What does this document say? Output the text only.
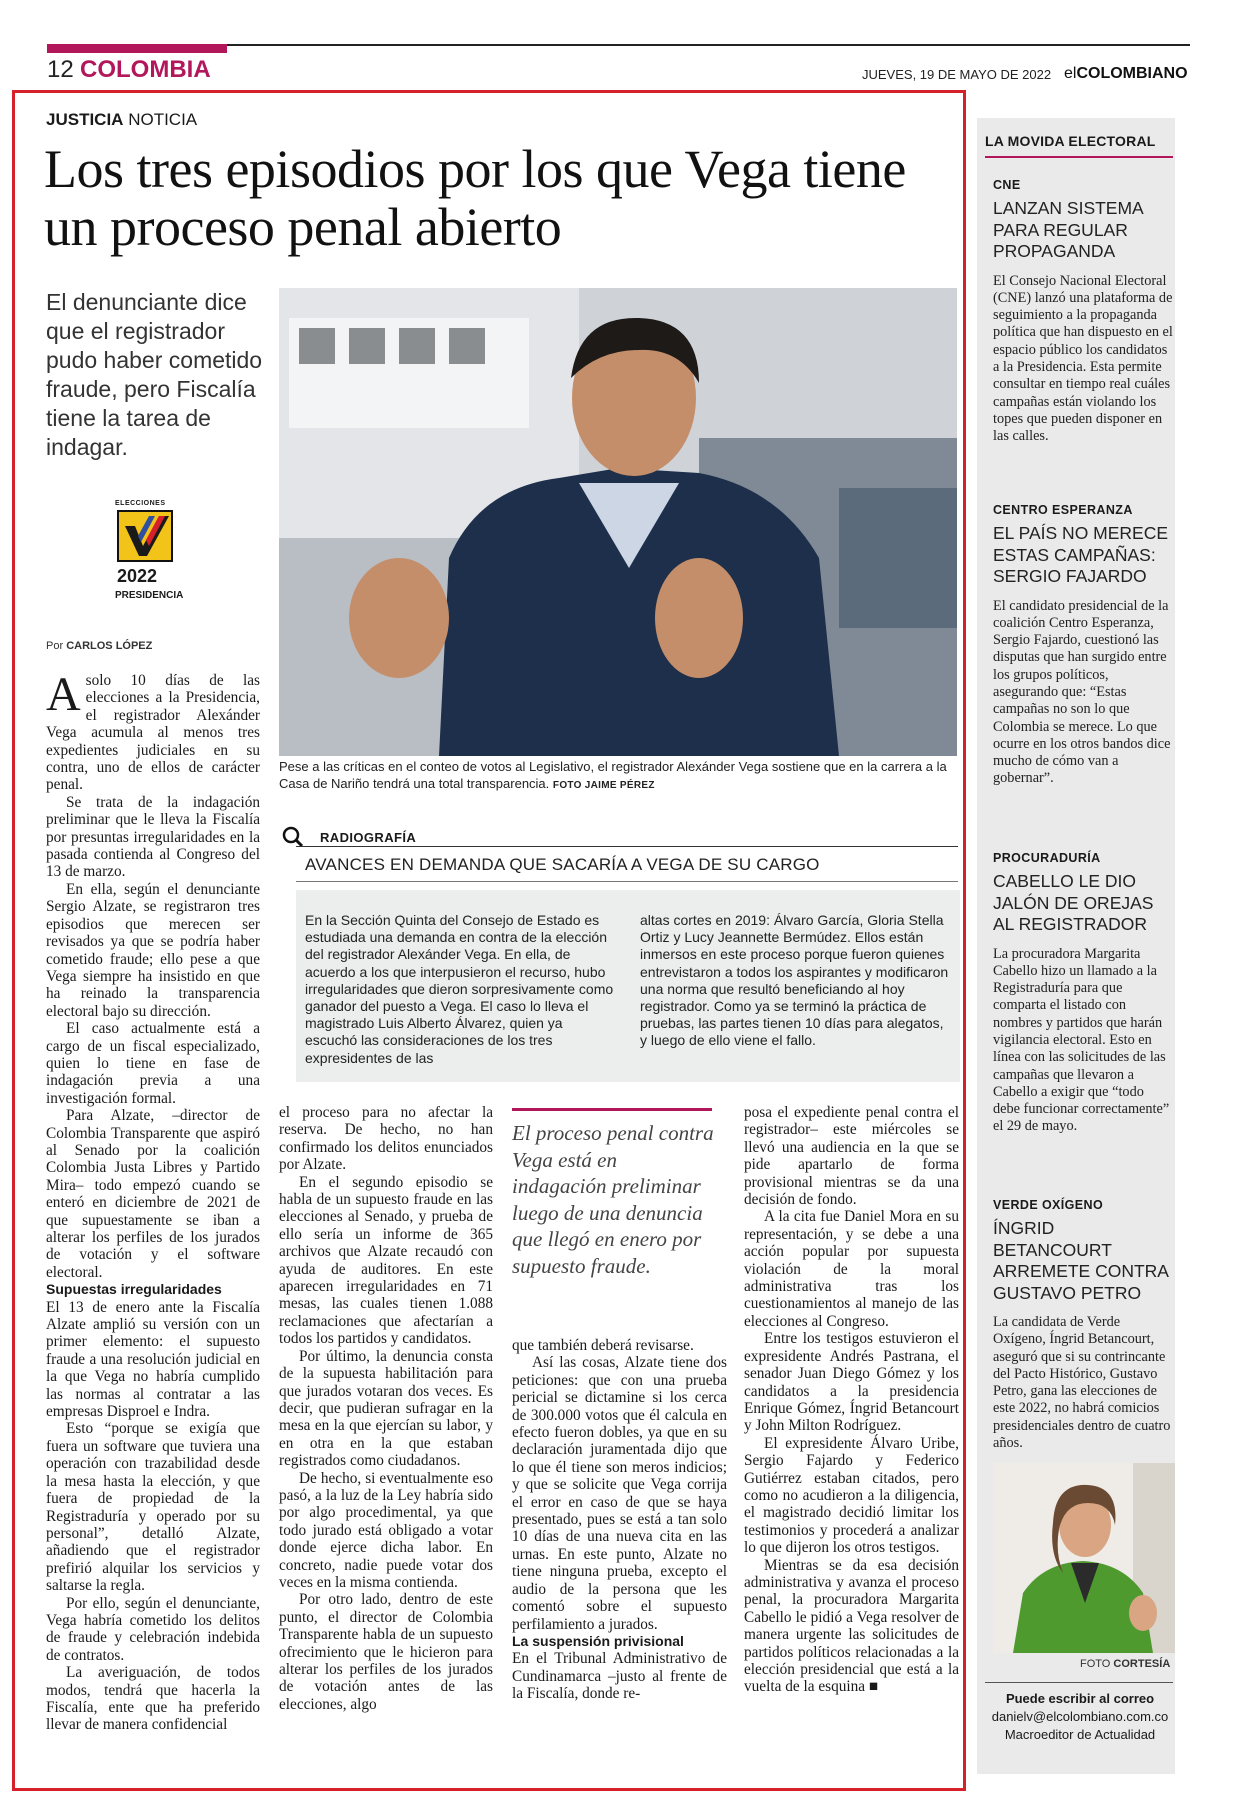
12 COLOMBIA	JUEVES, 19 DE MAYO DE 2022 elCOLOMBIANO
JUSTICIA NOTICIA
Los tres episodios por los que Vega tiene un proceso penal abierto
El denunciante dice que el registrador pudo haber cometido fraude, pero Fiscalía tiene la tarea de indagar.
ELECCIONES
2022
PRESIDENCIA
Pese a las críticas en el conteo de votos al Legislativo, el registrador Alexánder Vega sostiene que en la carrera a la Casa de Nariño tendrá una total transparencia. FOTO JAIME PÉREZ
Por CARLOS LÓPEZ

Asolo 10 días de las elecciones a la Presidencia, el registrador Alexánder Vega acumula al menos tres expedientes judiciales en su contra, uno de ellos de carácter penal.

Se trata de la indagación preliminar que le lleva la Fiscalía por presuntas irregularidades en la pasada contienda al Congreso del 13 de marzo.

En ella, según el denunciante Sergio Alzate, se registraron tres episodios que merecen ser revisados ya que se podría haber cometido fraude; ello pese a que Vega siempre ha insistido en que ha reinado la transparencia electoral bajo su dirección.

El caso actualmente está a cargo de un fiscal especializado, quien lo tiene en fase de indagación previa a una investigación formal.

Para Alzate, –director de Colombia Transparente que aspiró al Senado por la coalición Colombia Justa Libres y Partido Mira– todo empezó cuando se enteró en diciembre de 2021 de que supuestamente se iban a alterar los perfiles de los jurados de votación y el software electoral.

Supuestas irregularidades

El 13 de enero ante la Fiscalía Alzate amplió su versión con un primer elemento: el supuesto fraude a una resolución judicial en la que Vega no habría cumplido las normas al contratar a las empresas Disproel e Indra.

Esto “porque se exigía que fuera un software que tuviera una operación con trazabilidad desde la mesa hasta la elección, y que fuera de propiedad de la Registraduría y operado por su personal”, detalló Alzate, añadiendo que el registrador prefirió alquilar los servicios y saltarse la regla.

Por ello, según el denunciante, Vega habría cometido los delitos de fraude y celebración indebida de contratos.

La averiguación, de todos modos, tendrá que hacerla la Fiscalía, ente que ha preferido llevar de manera confidencial

RADIOGRAFÍA
AVANCES EN DEMANDA QUE SACARÍA A VEGA DE SU CARGO
En la Sección Quinta del Consejo de Estado es estudiada una demanda en contra de la elección del registrador Alexánder Vega. En ella, de acuerdo a los que interpusieron el recurso, hubo irregularidades que dieron sorpresivamente como ganador del puesto a Vega. El caso lo lleva el magistrado Luis Alberto Álvarez, quien ya escuchó las consideraciones de los tres expresidentes de las
altas cortes en 2019: Álvaro García, Gloria Stella Ortiz y Lucy Jeannette Bermúdez. Ellos están inmersos en este proceso porque fueron quienes entrevistaron a todos los aspirantes y modificaron una norma que resultó beneficiando al hoy registrador. Como ya se terminó la práctica de pruebas, las partes tienen 10 días para alegatos, y luego de ello viene el fallo.

el proceso para no afectar la reserva. De hecho, no han confirmado los delitos enunciados por Alzate.

En el segundo episodio se habla de un supuesto fraude en las elecciones al Senado, y prueba de ello sería un informe de 365 archivos que Alzate recaudó con ayuda de auditores. En este aparecen irregularidades en 71 mesas, las cuales tienen 1.088 reclamaciones que afectarían a todos los partidos y candidatos.

Por último, la denuncia consta de la supuesta habilitación para que jurados votaran dos veces. Es decir, que pudieran sufragar en la mesa en la que ejercían su labor, y en otra en la que estaban registrados como ciudadanos.

De hecho, si eventualmente eso pasó, a la luz de la Ley habría sido por algo procedimental, ya que todo jurado está obligado a votar donde ejerce dicha labor. En concreto, nadie puede votar dos veces en la misma contienda.

Por otro lado, dentro de este punto, el director de Colombia Transparente habla de un supuesto ofrecimiento que le hicieron para alterar los perfiles de los jurados de votación antes de las elecciones, algo

El proceso penal contra Vega está en indagación preliminar luego de una denuncia que llegó en enero por supuesto fraude.

que también deberá revisarse.

Así las cosas, Alzate tiene dos peticiones: que con una prueba pericial se dictamine si los cerca de 300.000 votos que él calcula en efecto fueron dobles, ya que en su declaración juramentada dijo que lo que él tiene son meros indicios; y que se solicite que Vega corrija el error en caso de que se haya presentado, pues se está a tan solo 10 días de una nueva cita en las urnas. En este punto, Alzate no tiene ninguna prueba, excepto el audio de la persona que les comentó sobre el supuesto perfilamiento a jurados.

La suspensión privisional

En el Tribunal Administrativo de Cundinamarca –justo al frente de la Fiscalía, donde re-

posa el expediente penal contra el registrador– este miércoles se llevó una audiencia en la que se pide apartarlo de forma provisional mientras se da una decisión de fondo.

A la cita fue Daniel Mora en su representación, y se debe a una acción popular por supuesta violación de la moral administrativa tras los cuestionamientos al manejo de las elecciones al Congreso.

Entre los testigos estuvieron el expresidente Andrés Pastrana, el senador Juan Diego Gómez y los candidatos a la presidencia Enrique Gómez, Íngrid Betancourt y John Milton Rodríguez.

El expresidente Álvaro Uribe, Sergio Fajardo y Federico Gutiérrez estaban citados, pero como no acudieron a la diligencia, el magistrado decidió limitar los testimonios y procederá a analizar lo que dijeron los otros testigos.

Mientras se da esa decisión administrativa y avanza el proceso penal, la procuradora Margarita Cabello le pidió a Vega resolver de manera urgente las solicitudes de partidos políticos relacionadas a la elección presidencial que está a la vuelta de la esquina ■

LA MOVIDA ELECTORAL
CNE
LANZAN SISTEMA PARA REGULAR PROPAGANDA
El Consejo Nacional Electoral (CNE) lanzó una plataforma de seguimiento a la propaganda política que han dispuesto en el espacio público los candidatos a la Presidencia. Esta permite consultar en tiempo real cuáles campañas están violando los topes que pueden disponer en las calles.
CENTRO ESPERANZA
EL PAÍS NO MERECE ESTAS CAMPAÑAS: SERGIO FAJARDO
El candidato presidencial de la coalición Centro Esperanza, Sergio Fajardo, cuestionó las disputas que han surgido entre los grupos políticos, asegurando que: “Estas campañas no son lo que Colombia se merece. Lo que ocurre en los otros bandos dice mucho de cómo van a gobernar”.
PROCURADURÍA
CABELLO LE DIO JALÓN DE OREJAS AL REGISTRADOR
La procuradora Margarita Cabello hizo un llamado a la Registraduría para que comparta el listado con nombres y partidos que harán vigilancia electoral. Esto en línea con las solicitudes de las campañas que llevaron a Cabello a exigir que “todo debe funcionar correctamente” el 29 de mayo.
VERDE OXÍGENO
ÍNGRID BETANCOURT ARREMETE CONTRA GUSTAVO PETRO
La candidata de Verde Oxígeno, Íngrid Betancourt, aseguró que si su contrincante del Pacto Histórico, Gustavo Petro, gana las elecciones de este 2022, no habrá comicios presidenciales dentro de cuatro años.
FOTO CORTESÍA
Puede escribir al correo
danielv@elcolombiano.com.co
Macroeditor de Actualidad
